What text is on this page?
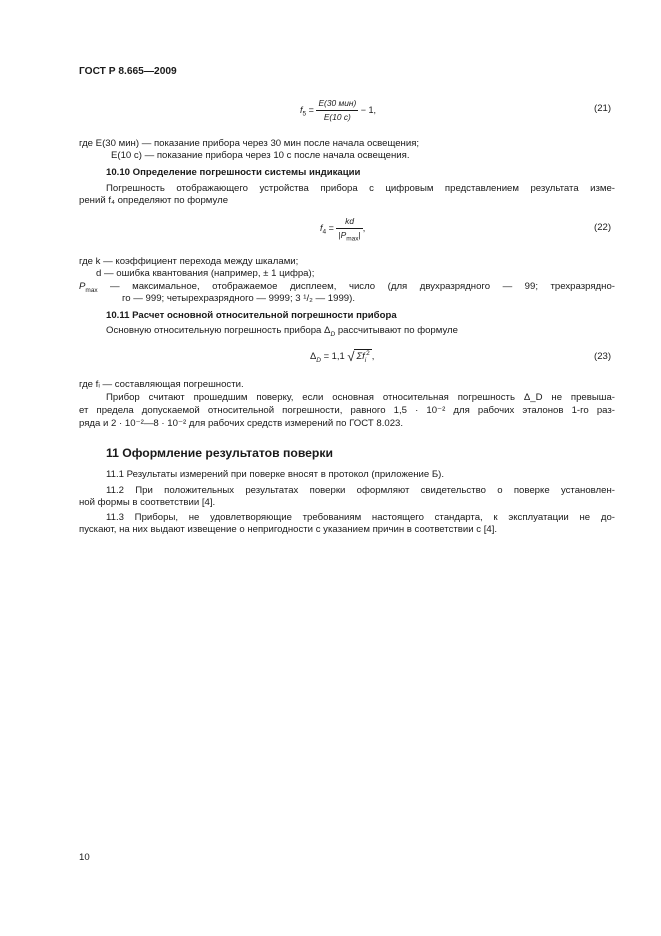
ГОСТ Р 8.665—2009
$f_5 = \frac{\text{E(30 мин)}}{E(10 с)} - 1$,	(21)
где E(30 мин) — показание прибора через 30 мин после начала освещения;
E(10 с) — показание прибора через 10 с после начала освещения.
10.10 Определение погрешности системы индикации
Погрешность отображающего устройства прибора с цифровым представлением результата изме-
рений f₄ определяют по формуле
$f_4 = \frac{kd}{|P_{max}|}$ ,	(22)
где k — коэффициент перехода между шкалами;
d — ошибка квантования (например, ± 1 цифра);
$P_{max}$ — максимальное, отображаемое дисплеем, число (для двухразрядного — 99; трехразрядно-
го — 999; четырехразрядного — 9999; 3 ¹/₂ — 1999).
10.11 Расчет основной относительной погрешности прибора
Основную относительную погрешность прибора $\Delta_D$ рассчитывают по формуле
$\Delta_D = 1,1$ √ $\Sigma f_i^2$ ,	(23)
где fᵢ — составляющая погрешности.
Прибор считают прошедшим поверку, если основная относительная погрешность Δ_D не превыша-
ет предела допускаемой относительной погрешности, равного 1,5 · 10⁻² для рабочих эталонов 1-го раз-
ряда и 2 · 10⁻²—8 · 10⁻² для рабочих средств измерений по ГОСТ 8.023.
11 Оформление результатов поверки
11.1 Результаты измерений при поверке вносят в протокол (приложение Б).
11.2 При положительных результатах поверки оформляют свидетельство о поверке установлен-
ной формы в соответствии [4].
11.3 Приборы, не удовлетворяющие требованиям настоящего стандарта, к эксплуатации не до-
пускают, на них выдают извещение о непригодности с указанием причин в соответствии с [4].
10
